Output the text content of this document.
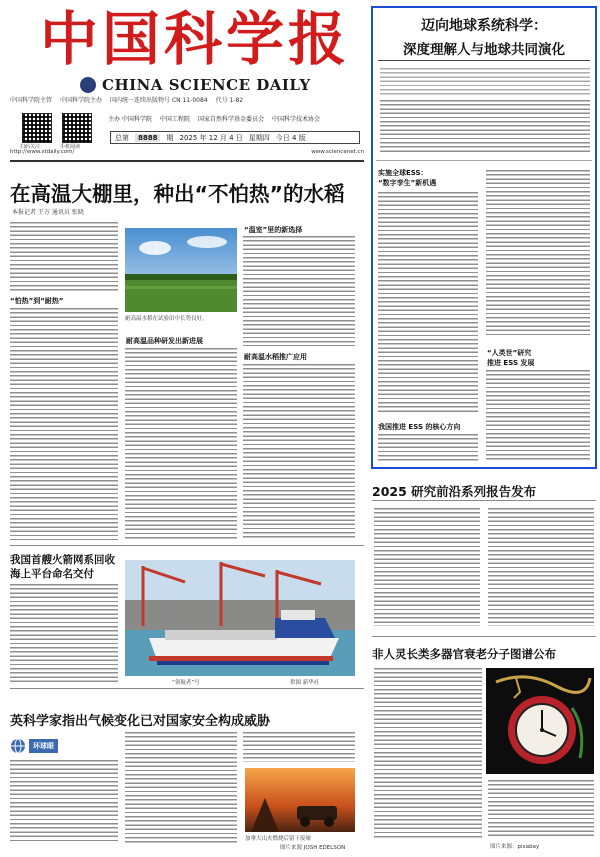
中国科学报
CHINA SCIENCE DAILY
中国科学院主管 中国科学院主办 国内统一连续出版物号 CN 11-0084 代号 1-82
扫码关注	手机阅读
主办 中国科学院 中国工程院 国家自然科学基金委员会 中国科学技术协会
总第	8888	期 2025 年 12 月 4 日 星期四 今日 4 版
http://www.stdaily.com/	www.sciencenet.cn
在高温大棚里，种出“不怕热”的水稻
本报记者 王方 通讯员 张晓
“怕热”到“耐热”
耐高温水稻在试验田中长势良好。
耐高温品种研发出新进展
“温室”里的新选择
耐高温水稻推广应用
我国首艘火箭网系回收
海上平台命名交付
“领航者”号	供图 新华社
英科学家指出气候变化已对国家安全构成威胁
环球眼
加拿大山火燃烧后留下废墟
图片来源 JOSH EDELSON
迈向地球系统科学：
深度理解人与地球共同演化
实施全球ESS：
“数字孪生”新机遇
我国推进 ESS 的核心方向
“人类世”研究
推进 ESS 发展
2025 研究前沿系列报告发布
非人灵长类多器官衰老分子图谱公布
图片来源：pixabay
